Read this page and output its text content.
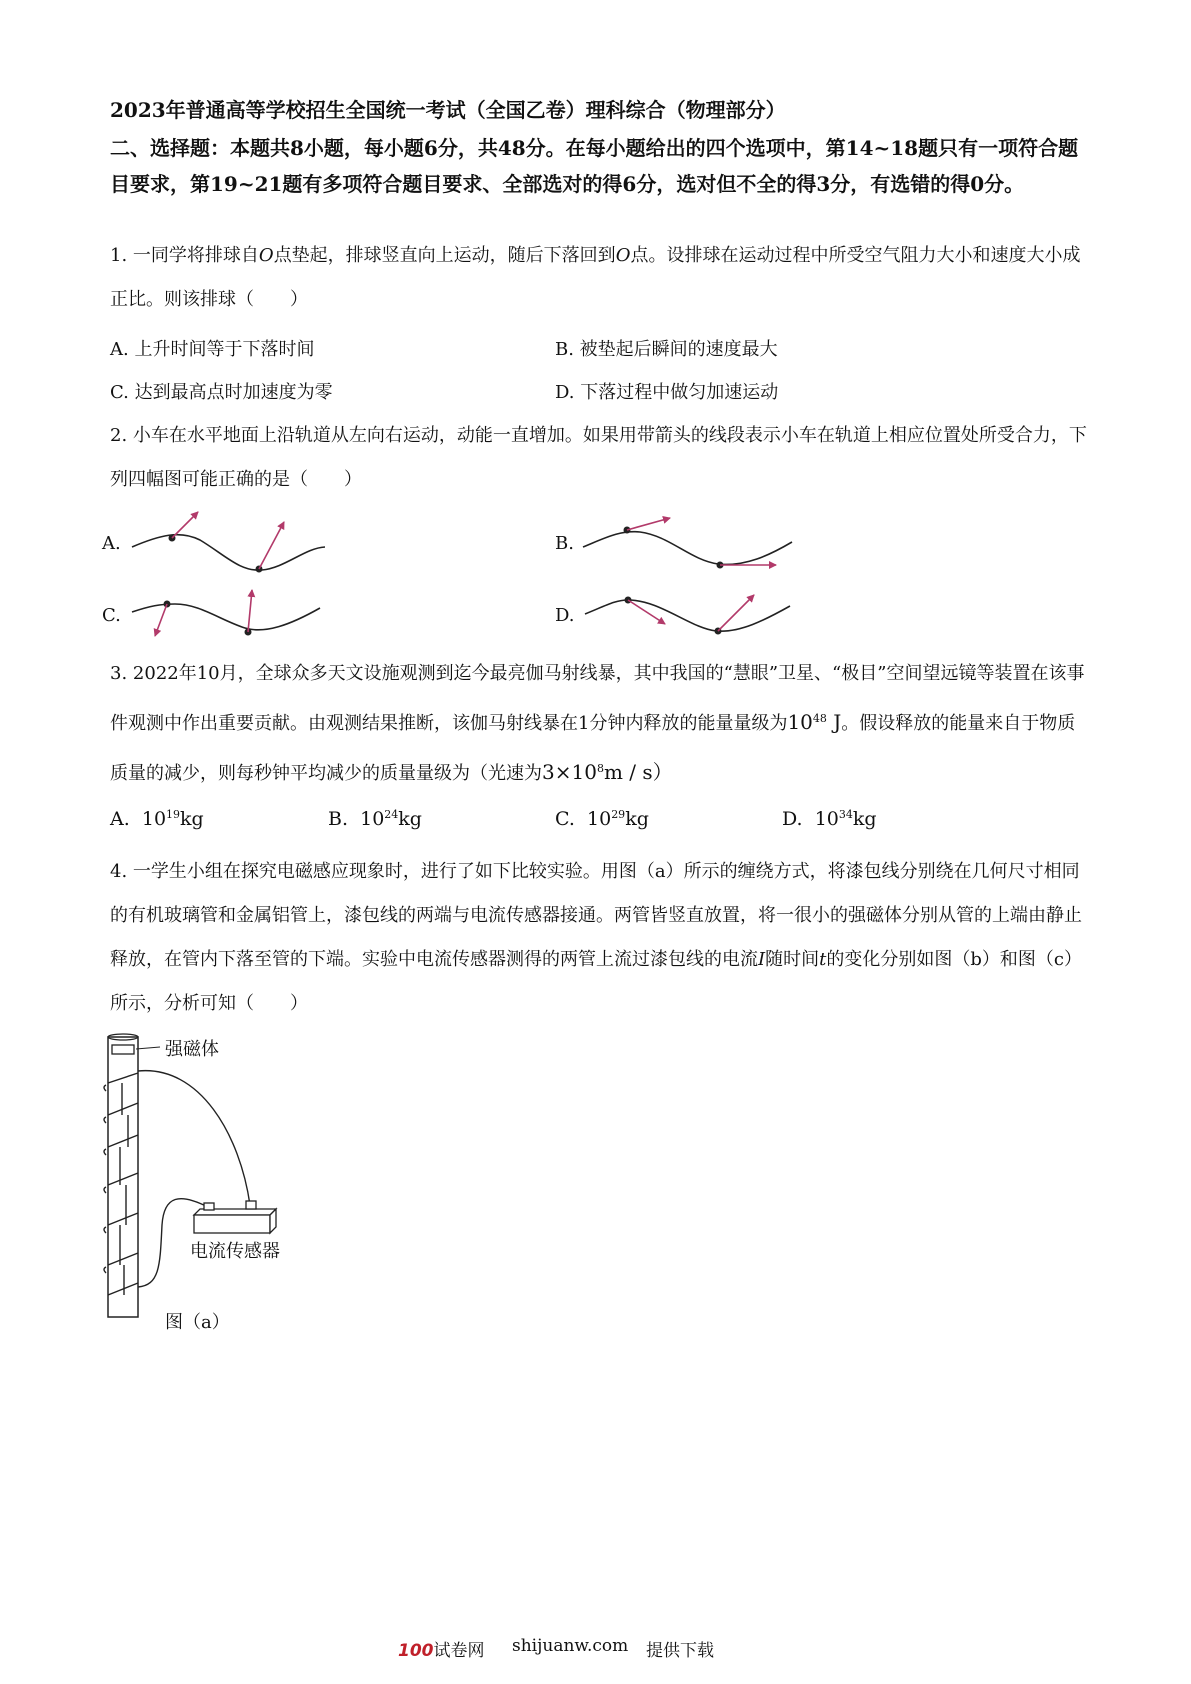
2023年普通高等学校招生全国统一考试（全国乙卷）理科综合（物理部分）
二、选择题：本题共8小题，每小题6分，共48分。在每小题给出的四个选项中，第14~18题只有一项符合题目要求，第19~21题有多项符合题目要求、全部选对的得6分，选对但不全的得3分，有选错的得0分。
1. 一同学将排球自O点垫起，排球竖直向上运动，随后下落回到O点。设排球在运动过程中所受空气阻力大小和速度大小成正比。则该排球（　　）
A. 上升时间等于下落时间	B. 被垫起后瞬间的速度最大
C. 达到最高点时加速度为零	D. 下落过程中做匀加速运动
2. 小车在水平地面上沿轨道从左向右运动，动能一直增加。如果用带箭头的线段表示小车在轨道上相应位置处所受合力，下列四幅图可能正确的是（　　）
A.	B.
C.	D.
3. 2022年10月，全球众多天文设施观测到迄今最亮伽马射线暴，其中我国的“慧眼”卫星、“极目”空间望远镜等装置在该事件观测中作出重要贡献。由观测结果推断，该伽马射线暴在1分钟内释放的能量量级为$10^{48}$ J。假设释放的能量来自于物质质量的减少，则每秒钟平均减少的质量量级为（光速为$3\times 10^8m / s$）
A. $10^{19}kg$	B. $10^{24}kg$	C. $10^{29}kg$	D. $10^{34}kg$
4. 一学生小组在探究电磁感应现象时，进行了如下比较实验。用图（a）所示的缠绕方式，将漆包线分别绕在几何尺寸相同的有机玻璃管和金属铝管上，漆包线的两端与电流传感器接通。两管皆竖直放置，将一很小的强磁体分别从管的上端由静止释放，在管内下落至管的下端。实验中电流传感器测得的两管上流过漆包线的电流I随时间t的变化分别如图（b）和图（c）所示，分析可知（　　）
强磁体
电流传感器
图（a）
100试卷网 shijuanw.com 提供下载
